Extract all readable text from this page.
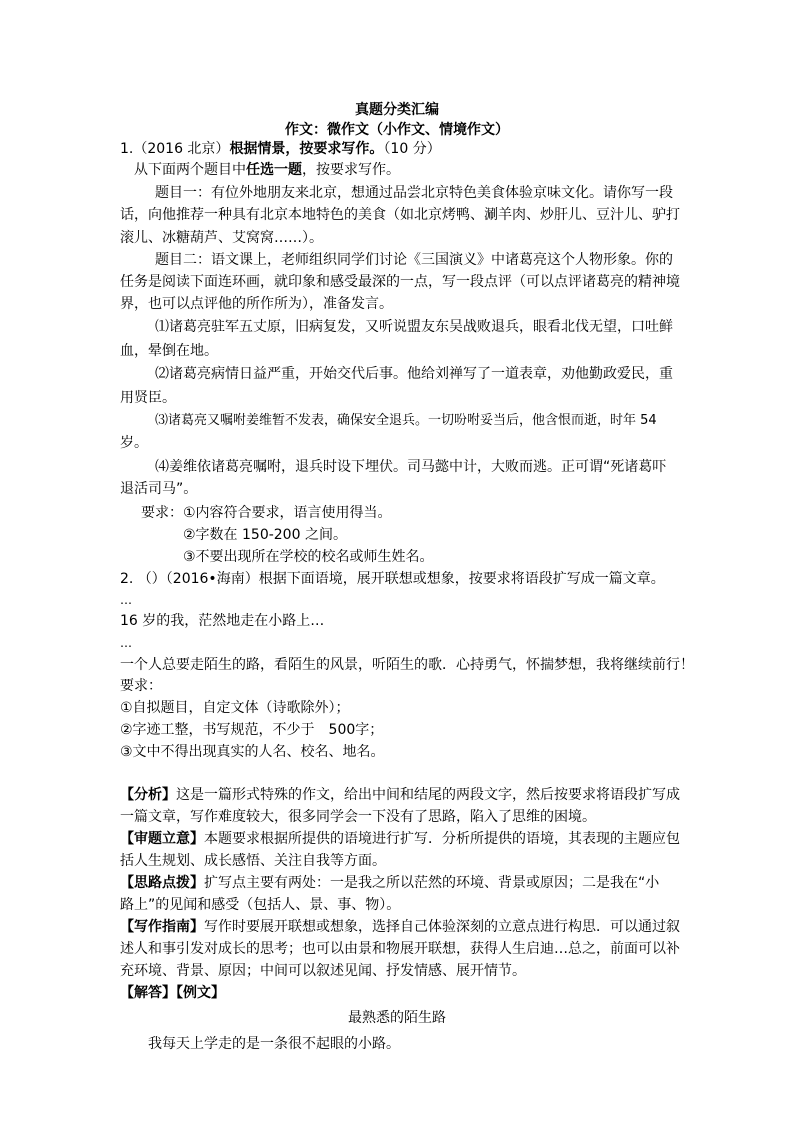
真题分类汇编
作文：微作文（小作文、情境作文）
1.（2016 北京）根据情景，按要求写作。（10 分）
从下面两个题目中任选一题，按要求写作。
题目一：有位外地朋友来北京，想通过品尝北京特色美食体验京味文化。请你写一段
话，向他推荐一种具有北京本地特色的美食（如北京烤鸭、涮羊肉、炒肝儿、豆汁儿、驴打
滚儿、冰糖葫芦、艾窝窝……）。
题目二：语文课上，老师组织同学们讨论《三国演义》中诸葛亮这个人物形象。你的
任务是阅读下面连环画，就印象和感受最深的一点，写一段点评（可以点评诸葛亮的精神境
界，也可以点评他的所作所为），准备发言。
⑴诸葛亮驻军五丈原，旧病复发，又听说盟友东吴战败退兵，眼看北伐无望，口吐鲜
血，晕倒在地。
⑵诸葛亮病情日益严重，开始交代后事。他给刘禅写了一道表章，劝他勤政爱民，重
用贤臣。
⑶诸葛亮又嘱咐姜维暂不发表，确保安全退兵。一切吩咐妥当后，他含恨而逝，时年 54
岁。
⑷姜维依诸葛亮嘱咐，退兵时设下埋伏。司马懿中计，大败而逃。正可谓“死诸葛吓
退活司马”。
要求：①内容符合要求，语言使用得当。
②字数在 150-200 之间。
③不要出现所在学校的校名或师生姓名。
2. （）（2016•海南）根据下面语境，展开联想或想象，按要求将语段扩写成一篇文章。
…
16 岁的我，茫然地走在小路上…
…
一个人总要走陌生的路，看陌生的风景，听陌生的歌．心持勇气，怀揣梦想，我将继续前行！
要求：
①自拟题目，自定文体（诗歌除外）；
②字迹工整，书写规范，不少于　500字；
③文中不得出现真实的人名、校名、地名。
【分析】这是一篇形式特殊的作文，给出中间和结尾的两段文字，然后按要求将语段扩写成
一篇文章，写作难度较大，很多同学会一下没有了思路，陷入了思维的困境。
【审题立意】本题要求根据所提供的语境进行扩写．分析所提供的语境，其表现的主题应包
括人生规划、成长感悟、关注自我等方面。
【思路点拨】扩写点主要有两处：一是我之所以茫然的环境、背景或原因；二是我在“小
路上”的见闻和感受（包括人、景、事、物）。
【写作指南】写作时要展开联想或想象，选择自己体验深刻的立意点进行构思．可以通过叙
述人和事引发对成长的思考；也可以由景和物展开联想，获得人生启迪…总之，前面可以补
充环境、背景、原因；中间可以叙述见闻、抒发情感、展开情节。
【解答】【例文】
最熟悉的陌生路
我每天上学走的是一条很不起眼的小路。
